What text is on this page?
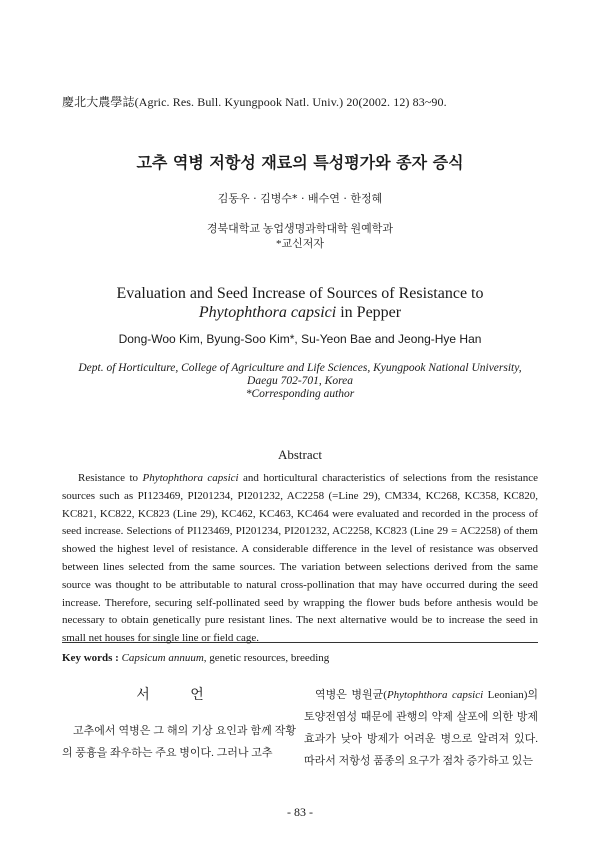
慶北大農學誌(Agric. Res. Bull. Kyungpook Natl. Univ.) 20(2002. 12) 83~90.
고추 역병 저항성 재료의 특성평가와 종자 증식
김동우 · 김병수* · 배수연 · 한정혜
경북대학교 농업생명과학대학 원예학과
*교신저자
Evaluation and Seed Increase of Sources of Resistance to
Phytophthora capsici in Pepper
Dong-Woo Kim, Byung-Soo Kim*, Su-Yeon Bae and Jeong-Hye Han
Dept. of Horticulture, College of Agriculture and Life Sciences, Kyungpook National University,
Daegu 702-701, Korea
*Corresponding author
Abstract
Resistance to Phytophthora capsici and horticultural characteristics of selections from the resistance sources such as PI123469, PI201234, PI201232, AC2258 (=Line 29), CM334, KC268, KC358, KC820, KC821, KC822, KC823 (Line 29), KC462, KC463, KC464 were evaluated and recorded in the process of seed increase. Selections of PI123469, PI201234, PI201232, AC2258, KC823 (Line 29 = AC2258) of them showed the highest level of resistance. A considerable difference in the level of resistance was observed between lines selected from the same sources. The variation between selections derived from the same source was thought to be attributable to natural cross-pollination that may have occurred during the seed increase. Therefore, securing self-pollinated seed by wrapping the flower buds before anthesis would be necessary to obtain genetically pure resistant lines. The next alternative would be to increase the seed in small net houses for single line or field cage.
Key words : Capsicum annuum, genetic resources, breeding
서 언
고추에서 역병은 그 해의 기상 요인과 함께 작황의 풍흉을 좌우하는 주요 병이다. 그러나 고추
역병은 병원균(Phytophthora capsici Leonian)의 토양전염성 때문에 관행의 약제 살포에 의한 방제효과가 낮아 방제가 어려운 병으로 알려져 있다. 따라서 저항성 품종의 요구가 점차 증가하고 있는
- 83 -
